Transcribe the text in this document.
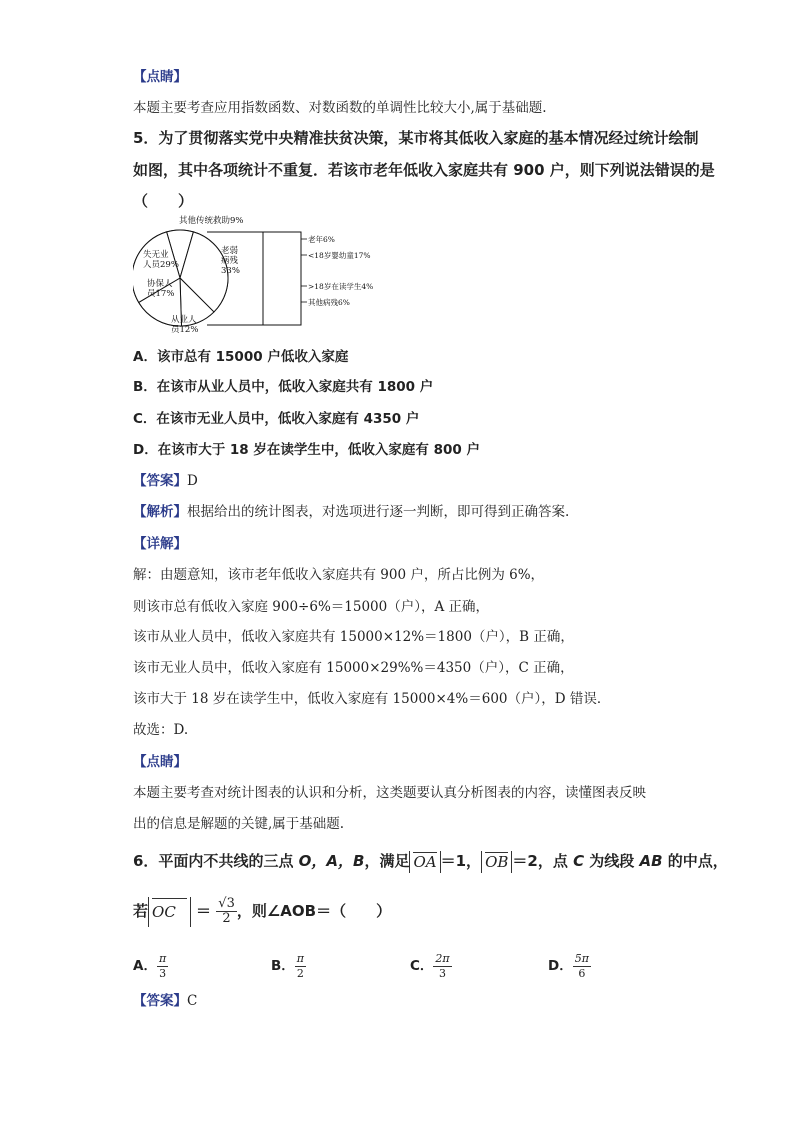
【点睛】
本题主要考查应用指数函数、对数函数的单调性比较大小,属于基础题.
5．为了贯彻落实党中央精准扶贫决策，某市将其低收入家庭的基本情况经过统计绘制
如图，其中各项统计不重复．若该市老年低收入家庭共有 900 户，则下列说法错误的是
（　　）
老年6%
<18岁婴幼童17%
>18岁在读学生4%
其他病残6%
其他传统救助9%
老弱
病残
33%
失无业
人员29%
协保人
员17%
从业人
员12%
A．该市总有 15000 户低收入家庭
B．在该市从业人员中，低收入家庭共有 1800 户
C．在该市无业人员中，低收入家庭有 4350 户
D．在该市大于 18 岁在读学生中，低收入家庭有 800 户
【答案】D
【解析】根据给出的统计图表，对选项进行逐一判断，即可得到正确答案.
【详解】
解：由题意知，该市老年低收入家庭共有 900 户，所占比例为 6%，
则该市总有低收入家庭 900÷6%＝15000（户），A 正确，
该市从业人员中，低收入家庭共有 15000×12%＝1800（户），B 正确，
该市无业人员中，低收入家庭有 15000×29%%＝4350（户），C 正确，
该市大于 18 岁在读学生中，低收入家庭有 15000×4%＝600（户），D 错误．
故选：D.
【点睛】
本题主要考查对统计图表的认识和分析，这类题要认真分析图表的内容，读懂图表反映
出的信息是解题的关键,属于基础题.
6．平面内不共线的三点 O，A，B，满足 OA ＝1， OB ＝2，点 C 为线段 AB 的中点，
若 OC ＝ $\frac{√3}{2}$ ，则∠AOB＝（　　）
A． $\frac{\pi}{3}$	B． $\frac{\pi}{2}$	C． $\frac{2\pi}{3}$	D． $\frac{5\pi}{6}$
【答案】C
